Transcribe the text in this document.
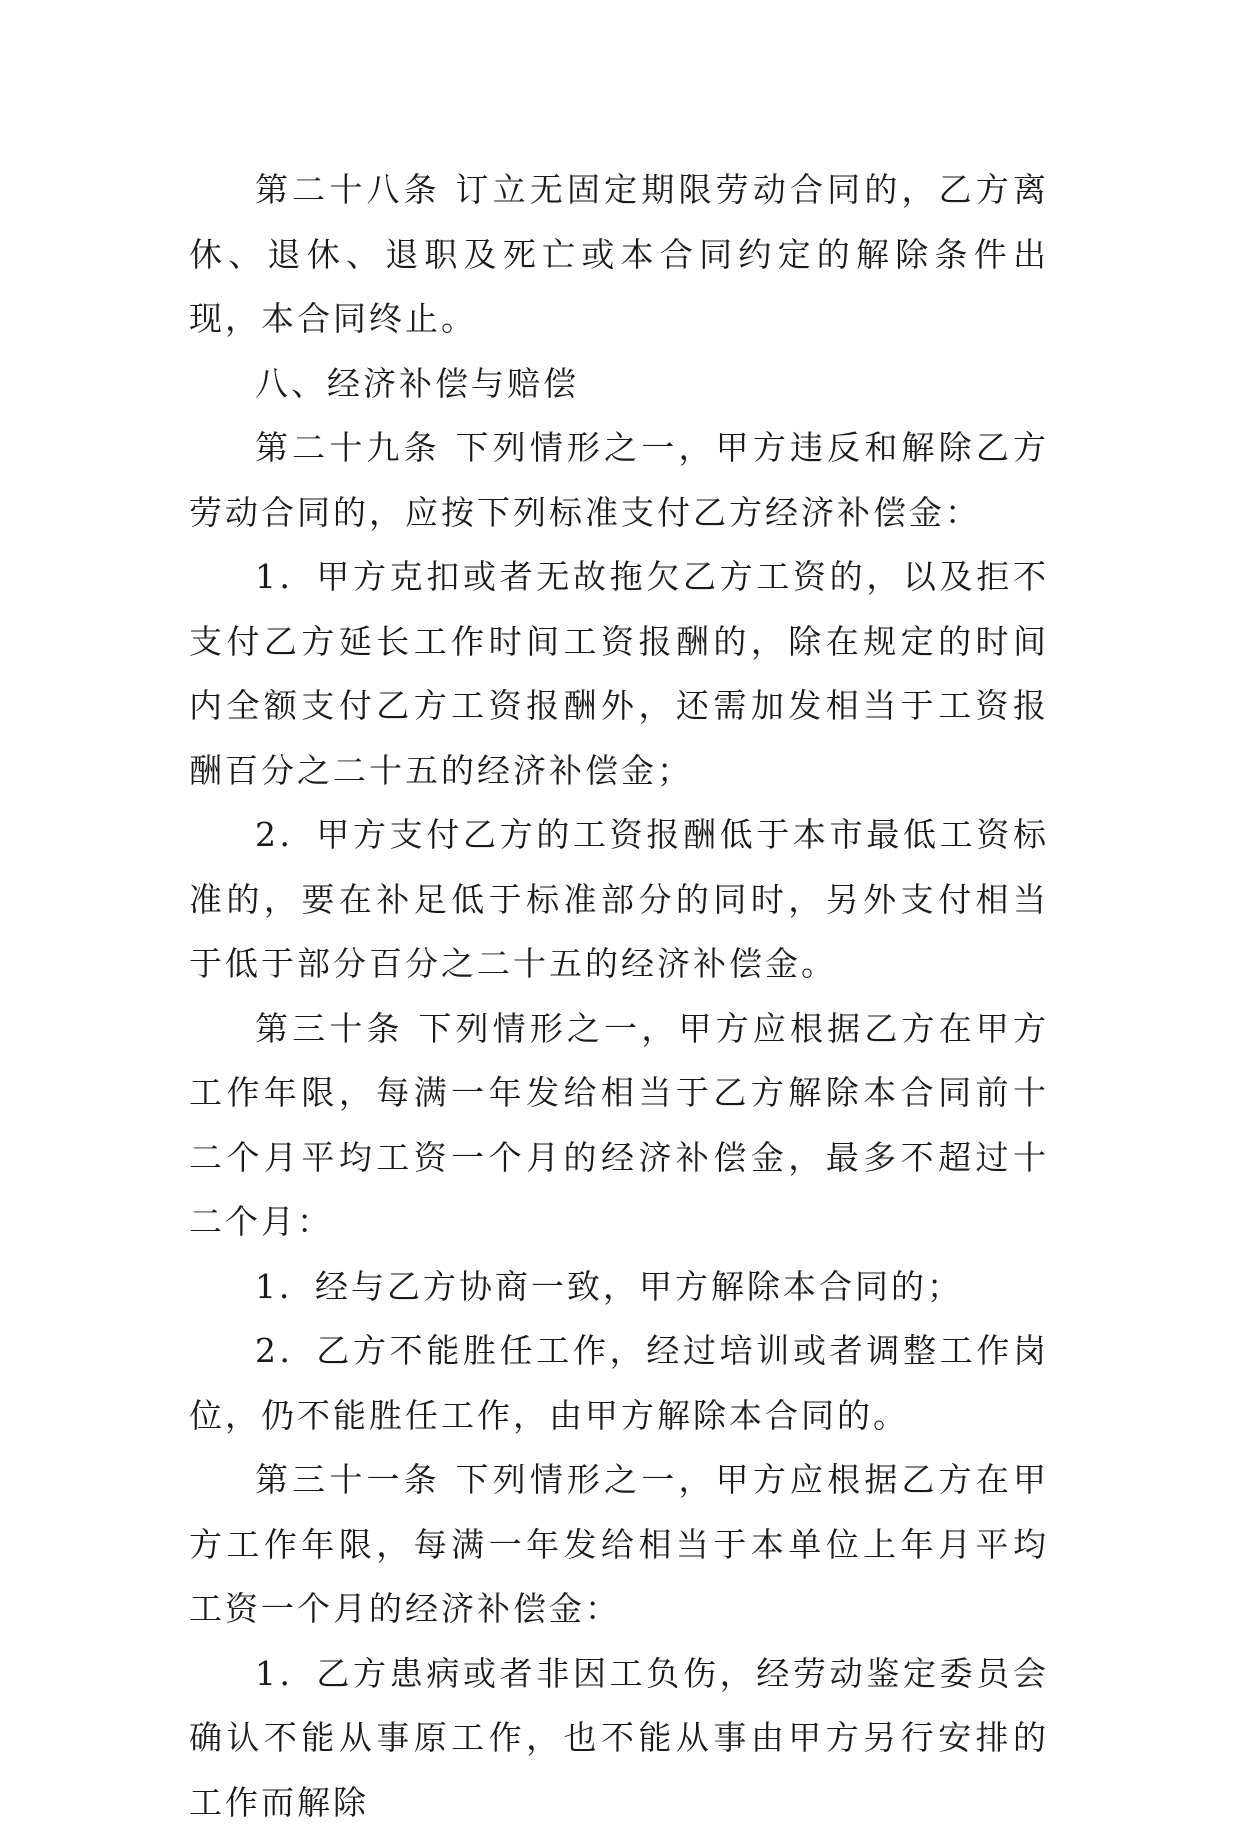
第二十八条 订立无固定期限劳动合同的，乙方离休、退休、退职及死亡或本合同约定的解除条件出现，本合同终止。

八、经济补偿与赔偿

第二十九条 下列情形之一，甲方违反和解除乙方劳动合同的，应按下列标准支付乙方经济补偿金：

1．甲方克扣或者无故拖欠乙方工资的，以及拒不支付乙方延长工作时间工资报酬的，除在规定的时间内全额支付乙方工资报酬外，还需加发相当于工资报酬百分之二十五的经济补偿金；

2．甲方支付乙方的工资报酬低于本市最低工资标准的，要在补足低于标准部分的同时，另外支付相当于低于部分百分之二十五的经济补偿金。

第三十条 下列情形之一，甲方应根据乙方在甲方工作年限，每满一年发给相当于乙方解除本合同前十二个月平均工资一个月的经济补偿金，最多不超过十二个月：

1．经与乙方协商一致，甲方解除本合同的；

2．乙方不能胜任工作，经过培训或者调整工作岗位，仍不能胜任工作，由甲方解除本合同的。

第三十一条 下列情形之一，甲方应根据乙方在甲方工作年限，每满一年发给相当于本单位上年月平均工资一个月的经济补偿金：

1．乙方患病或者非因工负伤，经劳动鉴定委员会确认不能从事原工作，也不能从事由甲方另行安排的工作而解除
